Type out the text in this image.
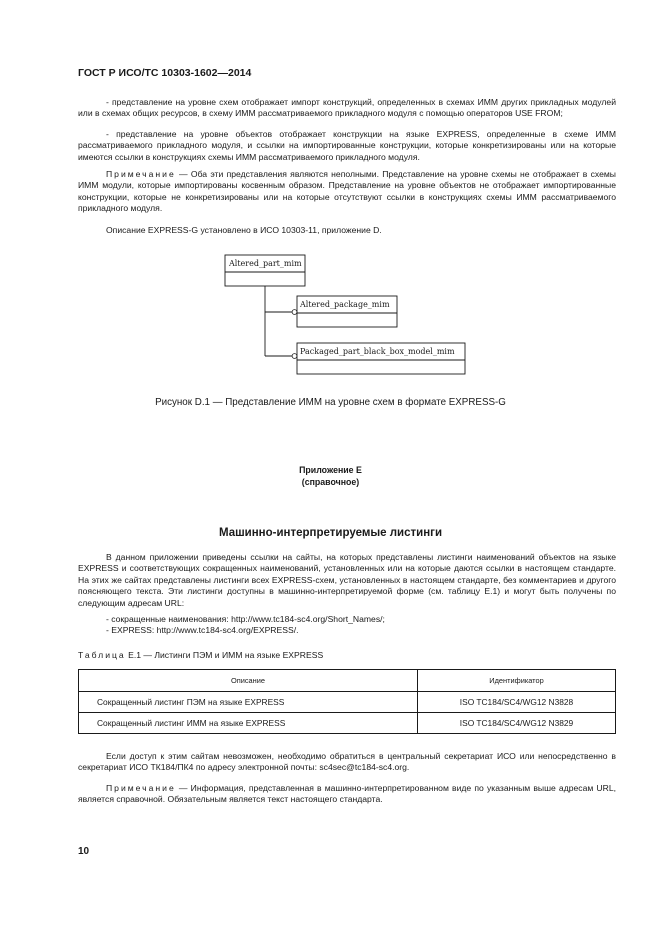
ГОСТ Р ИСО/ТС 10303-1602—2014
- представление на уровне схем отображает импорт конструкций, определенных в схемах ИММ других прикладных модулей или в схемах общих ресурсов, в схему ИММ рассматриваемого прикладного модуля с помощью операторов USE FROM;
- представление на уровне объектов отображает конструкции на языке EXPRESS, определенные в схеме ИММ рассматриваемого прикладного модуля, и ссылки на импортированные конструкции, которые конкретизированы или на которые имеются ссылки в конструкциях схемы ИММ рассматриваемого прикладного модуля.
Примечание — Оба эти представления являются неполными. Представление на уровне схемы не отображает в схемы ИММ модули, которые импортированы косвенным образом. Представление на уровне объектов не отображает импортированные конструкции, которые не конкретизированы или на которые отсутствуют ссылки в конструкциях схемы ИММ рассматриваемого прикладного модуля.
Описание EXPRESS-G установлено в ИСО 10303-11, приложение D.
Altered_part_mim
Altered_package_mim
Packaged_part_black_box_model_mim
Рисунок D.1 — Представление ИММ на уровне схем в формате EXPRESS-G
Приложение Е
(справочное)
Машинно-интерпретируемые листинги
В данном приложении приведены ссылки на сайты, на которых представлены листинги наименований объектов на языке EXPRESS и соответствующих сокращенных наименований, установленных или на которые даются ссылки в настоящем стандарте. На этих же сайтах представлены листинги всех EXPRESS-схем, установленных в настоящем стандарте, без комментариев и другого поясняющего текста. Эти листинги доступны в машинно-интерпретируемой форме (см. таблицу Е.1) и могут быть получены по следующим адресам URL:
- сокращенные наименования: http://www.tc184-sc4.org/Short_Names/;
- EXPRESS: http://www.tc184-sc4.org/EXPRESS/.
Таблица Е.1 — Листинги ПЭМ и ИММ на языке EXPRESS
Описание	Идентификатор
Сокращенный листинг ПЭМ на языке EXPRESS	ISO TC184/SC4/WG12 N3828
Сокращенный листинг ИММ на языке EXPRESS	ISO TC184/SC4/WG12 N3829
Если доступ к этим сайтам невозможен, необходимо обратиться в центральный секретариат ИСО или непосредственно в секретариат ИСО ТК184/ПК4 по адресу электронной почты: sc4sec@tc184-sc4.org.
Примечание — Информация, представленная в машинно-интерпретированном виде по указанным выше адресам URL, является справочной. Обязательным является текст настоящего стандарта.
10
